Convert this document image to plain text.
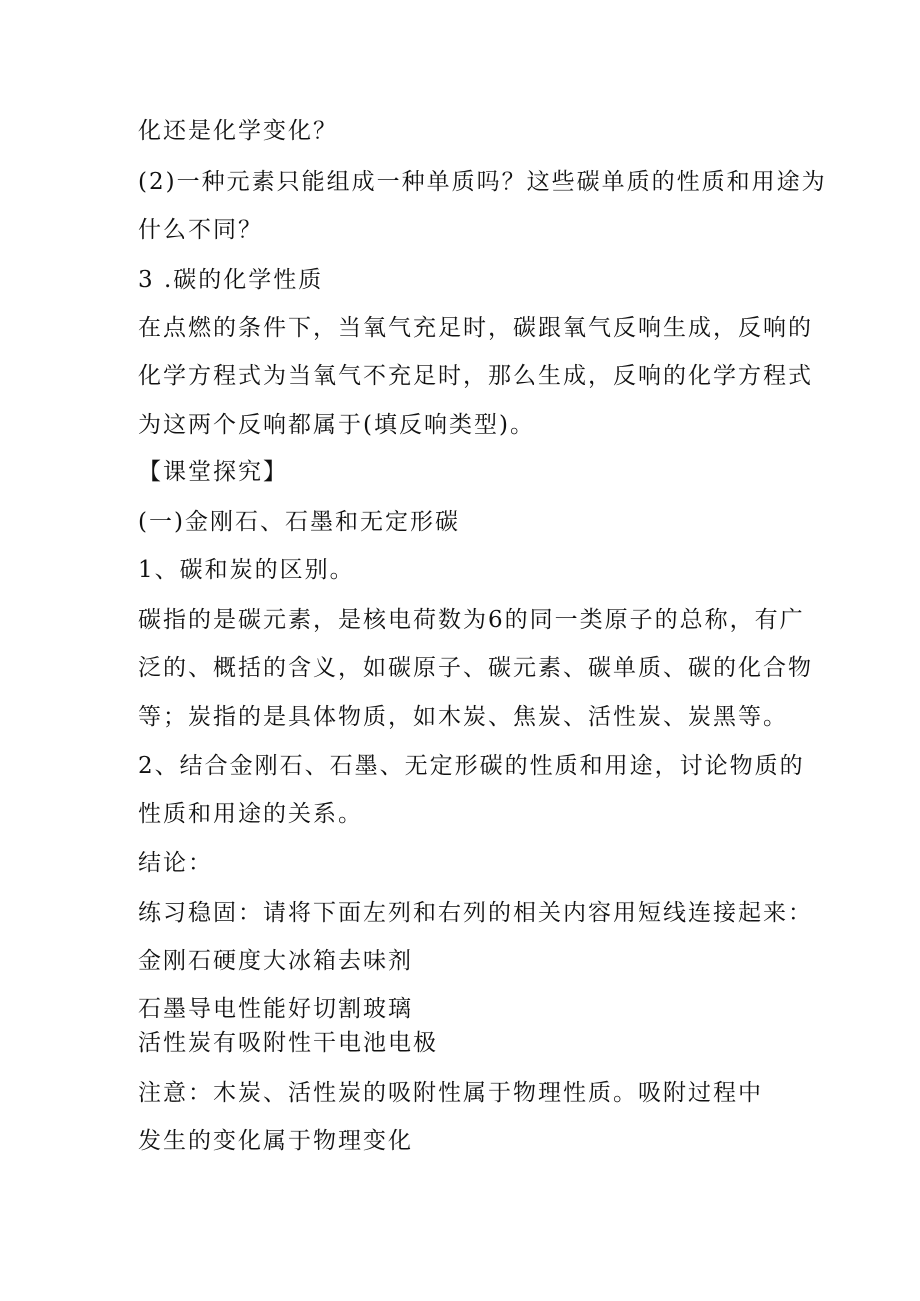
化还是化学变化？
(2)一种元素只能组成一种单质吗？这些碳单质的性质和用途为
什么不同？
3 .碳的化学性质
在点燃的条件下，当氧气充足时，碳跟氧气反响生成，反响的
化学方程式为当氧气不充足时，那么生成，反响的化学方程式
为这两个反响都属于(填反响类型)。
【课堂探究】
(一)金刚石、石墨和无定形碳
1、碳和炭的区别。
碳指的是碳元素，是核电荷数为6的同一类原子的总称，有广
泛的、概括的含义，如碳原子、碳元素、碳单质、碳的化合物
等；炭指的是具体物质，如木炭、焦炭、活性炭、炭黑等。
2、结合金刚石、石墨、无定形碳的性质和用途，讨论物质的
性质和用途的关系。
结论：
练习稳固：请将下面左列和右列的相关内容用短线连接起来：
金刚石硬度大冰箱去味剂
石墨导电性能好切割玻璃
活性炭有吸附性干电池电极
注意：木炭、活性炭的吸附性属于物理性质。吸附过程中
发生的变化属于物理变化
